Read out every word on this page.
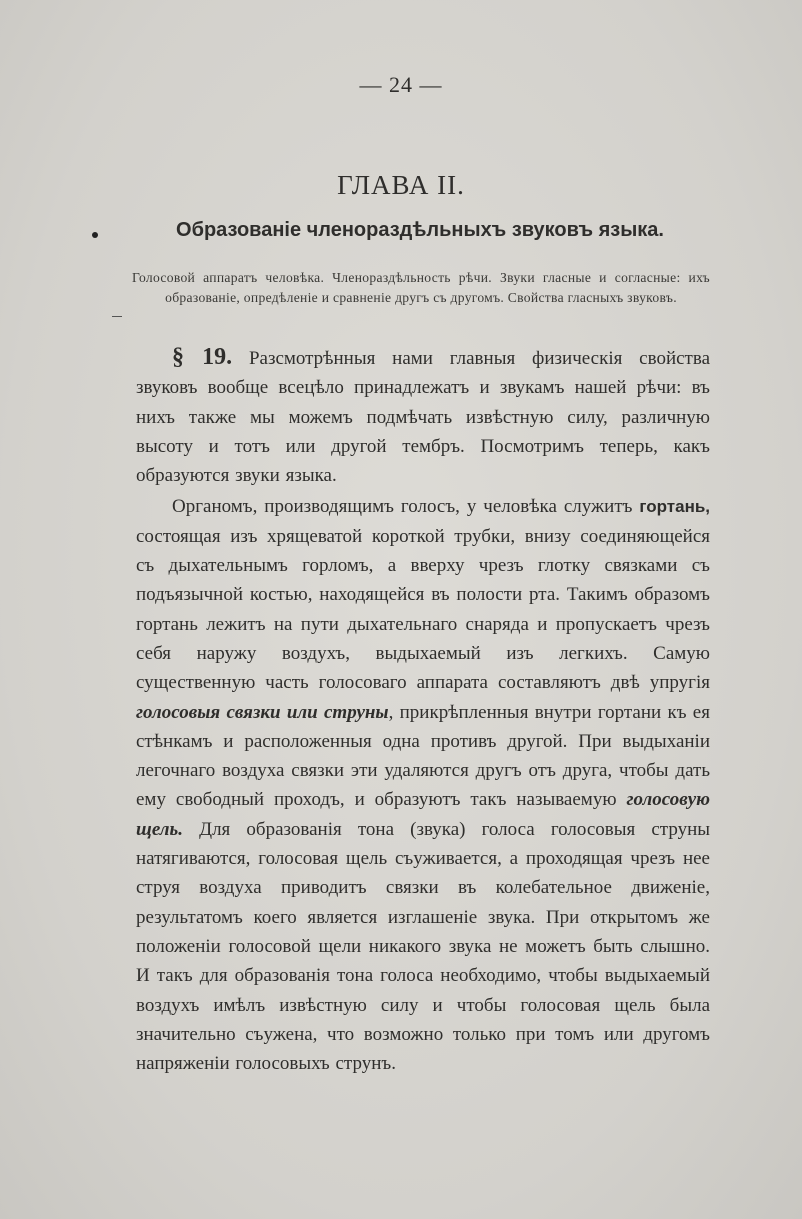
— 24 —
ГЛАВА II.
Образованіе членораздѣльныхъ звуковъ языка.
Голосовой аппаратъ человѣка. Членораздѣльность рѣчи. Звуки гласные и согласные: ихъ образованіе, опредѣленіе и сравненіе другъ съ другомъ. Свойства гласныхъ звуковъ.

§ 19. Разсмотрѣнныя нами главныя физическія свойства звуковъ вообще всецѣло принадлежатъ и звукамъ нашей рѣчи: въ нихъ также мы можемъ подмѣчать извѣстную силу, различную высоту и тотъ или другой тембръ. Посмотримъ теперь, какъ образуются звуки языка.

Органомъ, производящимъ голосъ, у человѣка служитъ гортань, состоящая изъ хрящеватой короткой трубки, внизу соединяющейся съ дыхательнымъ горломъ, а вверху чрезъ глотку связками съ подъязычной костью, находящейся въ полости рта. Такимъ образомъ гортань лежитъ на пути дыхательнаго снаряда и пропускаетъ чрезъ себя наружу воздухъ, выдыхаемый изъ легкихъ. Самую существенную часть голосоваго аппарата составляютъ двѣ упругія голосовыя связки или струны, прикрѣпленныя внутри гортани къ ея стѣнкамъ и расположенныя одна противъ другой. При выдыханіи легочнаго воздуха связки эти удаляются другъ отъ друга, чтобы дать ему свободный проходъ, и образуютъ такъ называемую голосовую щель. Для образованія тона (звука) голоса голосовыя струны натягиваются, голосовая щель съуживается, а проходящая чрезъ нее струя воздуха приводитъ связки въ колебательное движеніе, результатомъ коего является изглашеніе звука. При открытомъ же положеніи голосовой щели никакого звука не можетъ быть слышно. И такъ для образованія тона голоса необходимо, чтобы выдыхаемый воздухъ имѣлъ извѣстную силу и чтобы голосовая щель была значительно съужена, что возможно только при томъ или другомъ напряженіи голосовыхъ струнъ.
